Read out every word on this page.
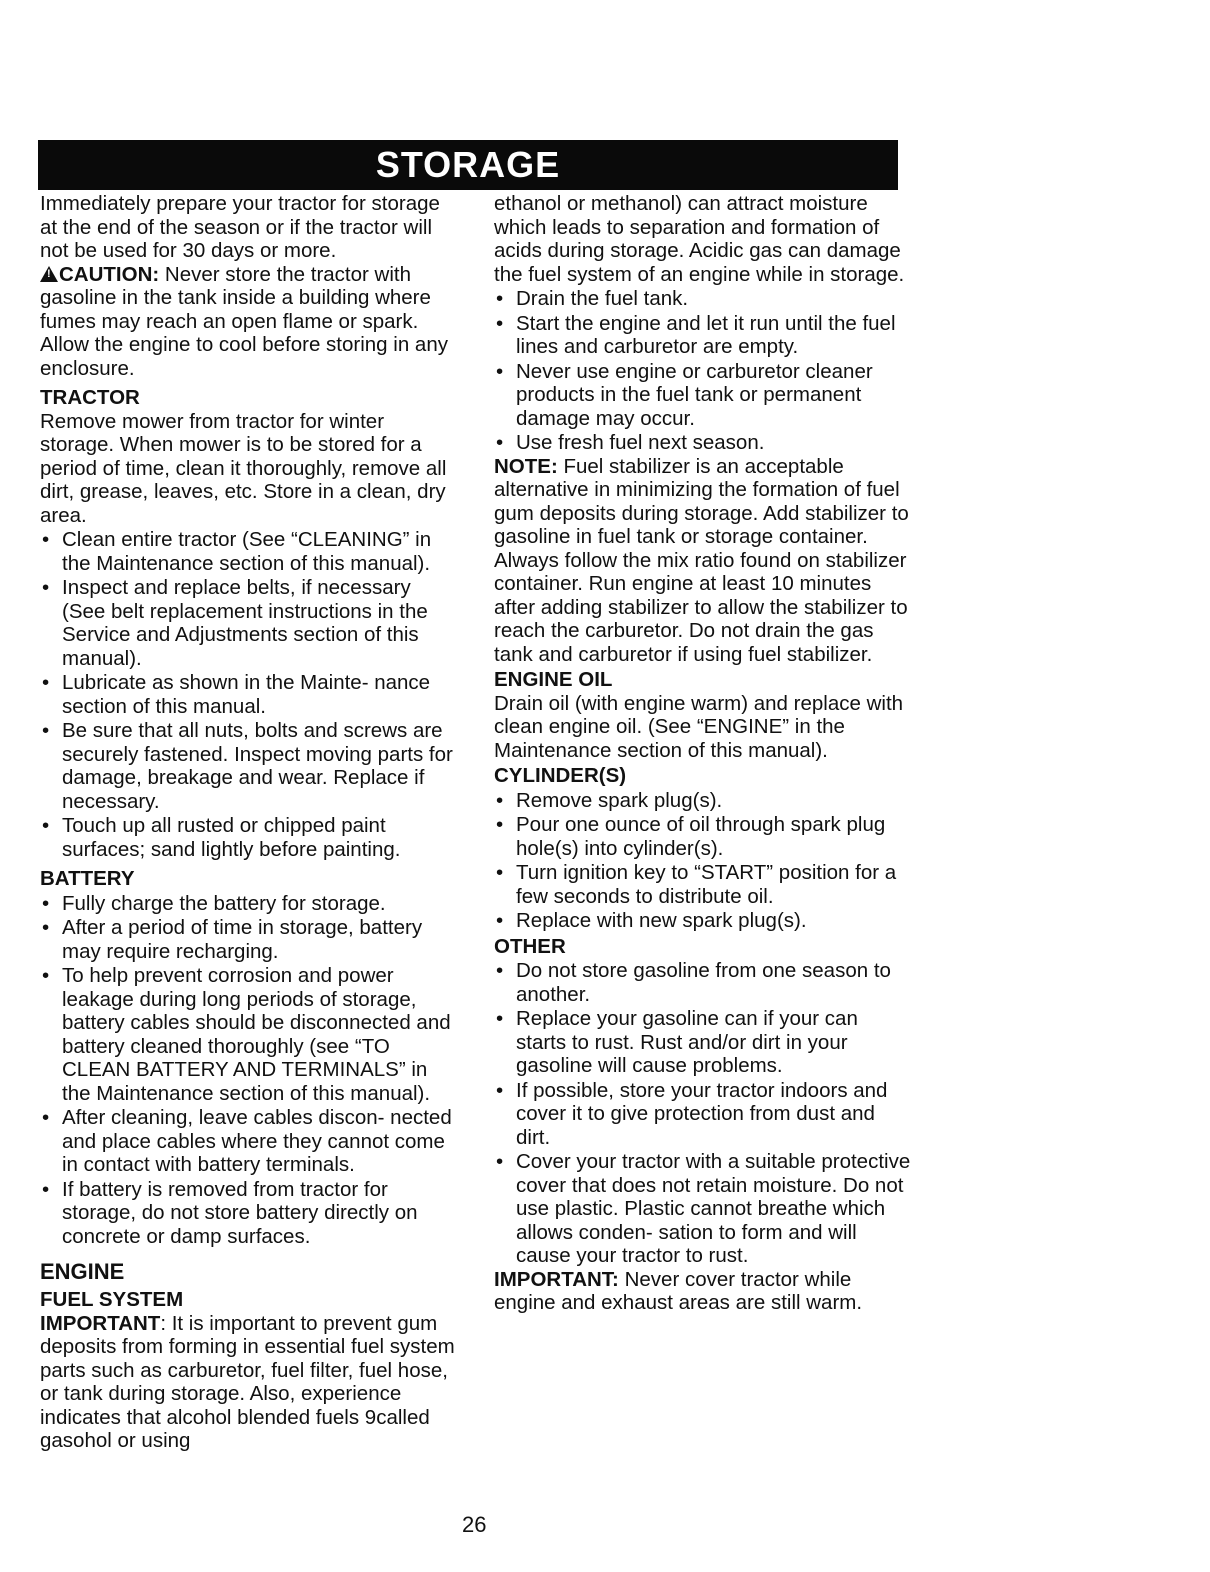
STORAGE

Immediately prepare your tractor for storage at the end of the season or if the tractor will not be used for 30 days or more.

!CAUTION: Never store the tractor with gasoline in the tank inside a building where fumes may reach an open flame or spark. Allow the engine to cool before storing in any enclosure.

TRACTOR

Remove mower from tractor for winter storage. When mower is to be stored for a period of time, clean it thoroughly, remove all dirt, grease, leaves, etc. Store in a clean, dry area.

• Clean entire tractor (See “CLEANING” in the Maintenance section of this manual).
• Inspect and replace belts, if necessary (See belt replacement instructions in the Service and Adjustments section of this manual).
• Lubricate as shown in the Mainte- nance section of this manual.
• Be sure that all nuts, bolts and screws are securely fastened. Inspect moving parts for damage, breakage and wear. Replace if necessary.
• Touch up all rusted or chipped paint surfaces; sand lightly before painting.

BATTERY

• Fully charge the battery for storage.
• After a period of time in storage, battery may require recharging.
• To help prevent corrosion and power leakage during long periods of storage, battery cables should be disconnected and battery cleaned thoroughly (see “TO CLEAN BATTERY AND TERMINALS” in the Maintenance section of this manual).
• After cleaning, leave cables discon- nected and place cables where they cannot come in contact with battery terminals.
• If battery is removed from tractor for storage, do not store battery directly on concrete or damp surfaces.

ENGINE

FUEL SYSTEM

IMPORTANT: It is important to prevent gum deposits from forming in essential fuel system parts such as carburetor, fuel filter, fuel hose, or tank during storage. Also, experience indicates that alcohol blended fuels 9called gasohol or using

ethanol or methanol) can attract moisture which leads to separation and formation of acids during storage. Acidic gas can damage the fuel system of an engine while in storage.

• Drain the fuel tank.
• Start the engine and let it run until the fuel lines and carburetor are empty.
• Never use engine or carburetor cleaner products in the fuel tank or permanent damage may occur.
• Use fresh fuel next season.

NOTE: Fuel stabilizer is an acceptable alternative in minimizing the formation of fuel gum deposits during storage. Add stabilizer to gasoline in fuel tank or storage container. Always follow the mix ratio found on stabilizer container. Run engine at least 10 minutes after adding stabilizer to allow the stabilizer to reach the carburetor. Do not drain the gas tank and carburetor if using fuel stabilizer.

ENGINE OIL

Drain oil (with engine warm) and replace with clean engine oil. (See “ENGINE” in the Maintenance section of this manual).

CYLINDER(S)

• Remove spark plug(s).
• Pour one ounce of oil through spark plug hole(s) into cylinder(s).
• Turn ignition key to “START” position for a few seconds to distribute oil.
• Replace with new spark plug(s).

OTHER

• Do not store gasoline from one season to another.
• Replace your gasoline can if your can starts to rust. Rust and/or dirt in your gasoline will cause problems.
• If possible, store your tractor indoors and cover it to give protection from dust and dirt.
• Cover your tractor with a suitable protective cover that does not retain moisture. Do not use plastic. Plastic cannot breathe which allows conden- sation to form and will cause your tractor to rust.

IMPORTANT: Never cover tractor while engine and exhaust areas are still warm.

26
